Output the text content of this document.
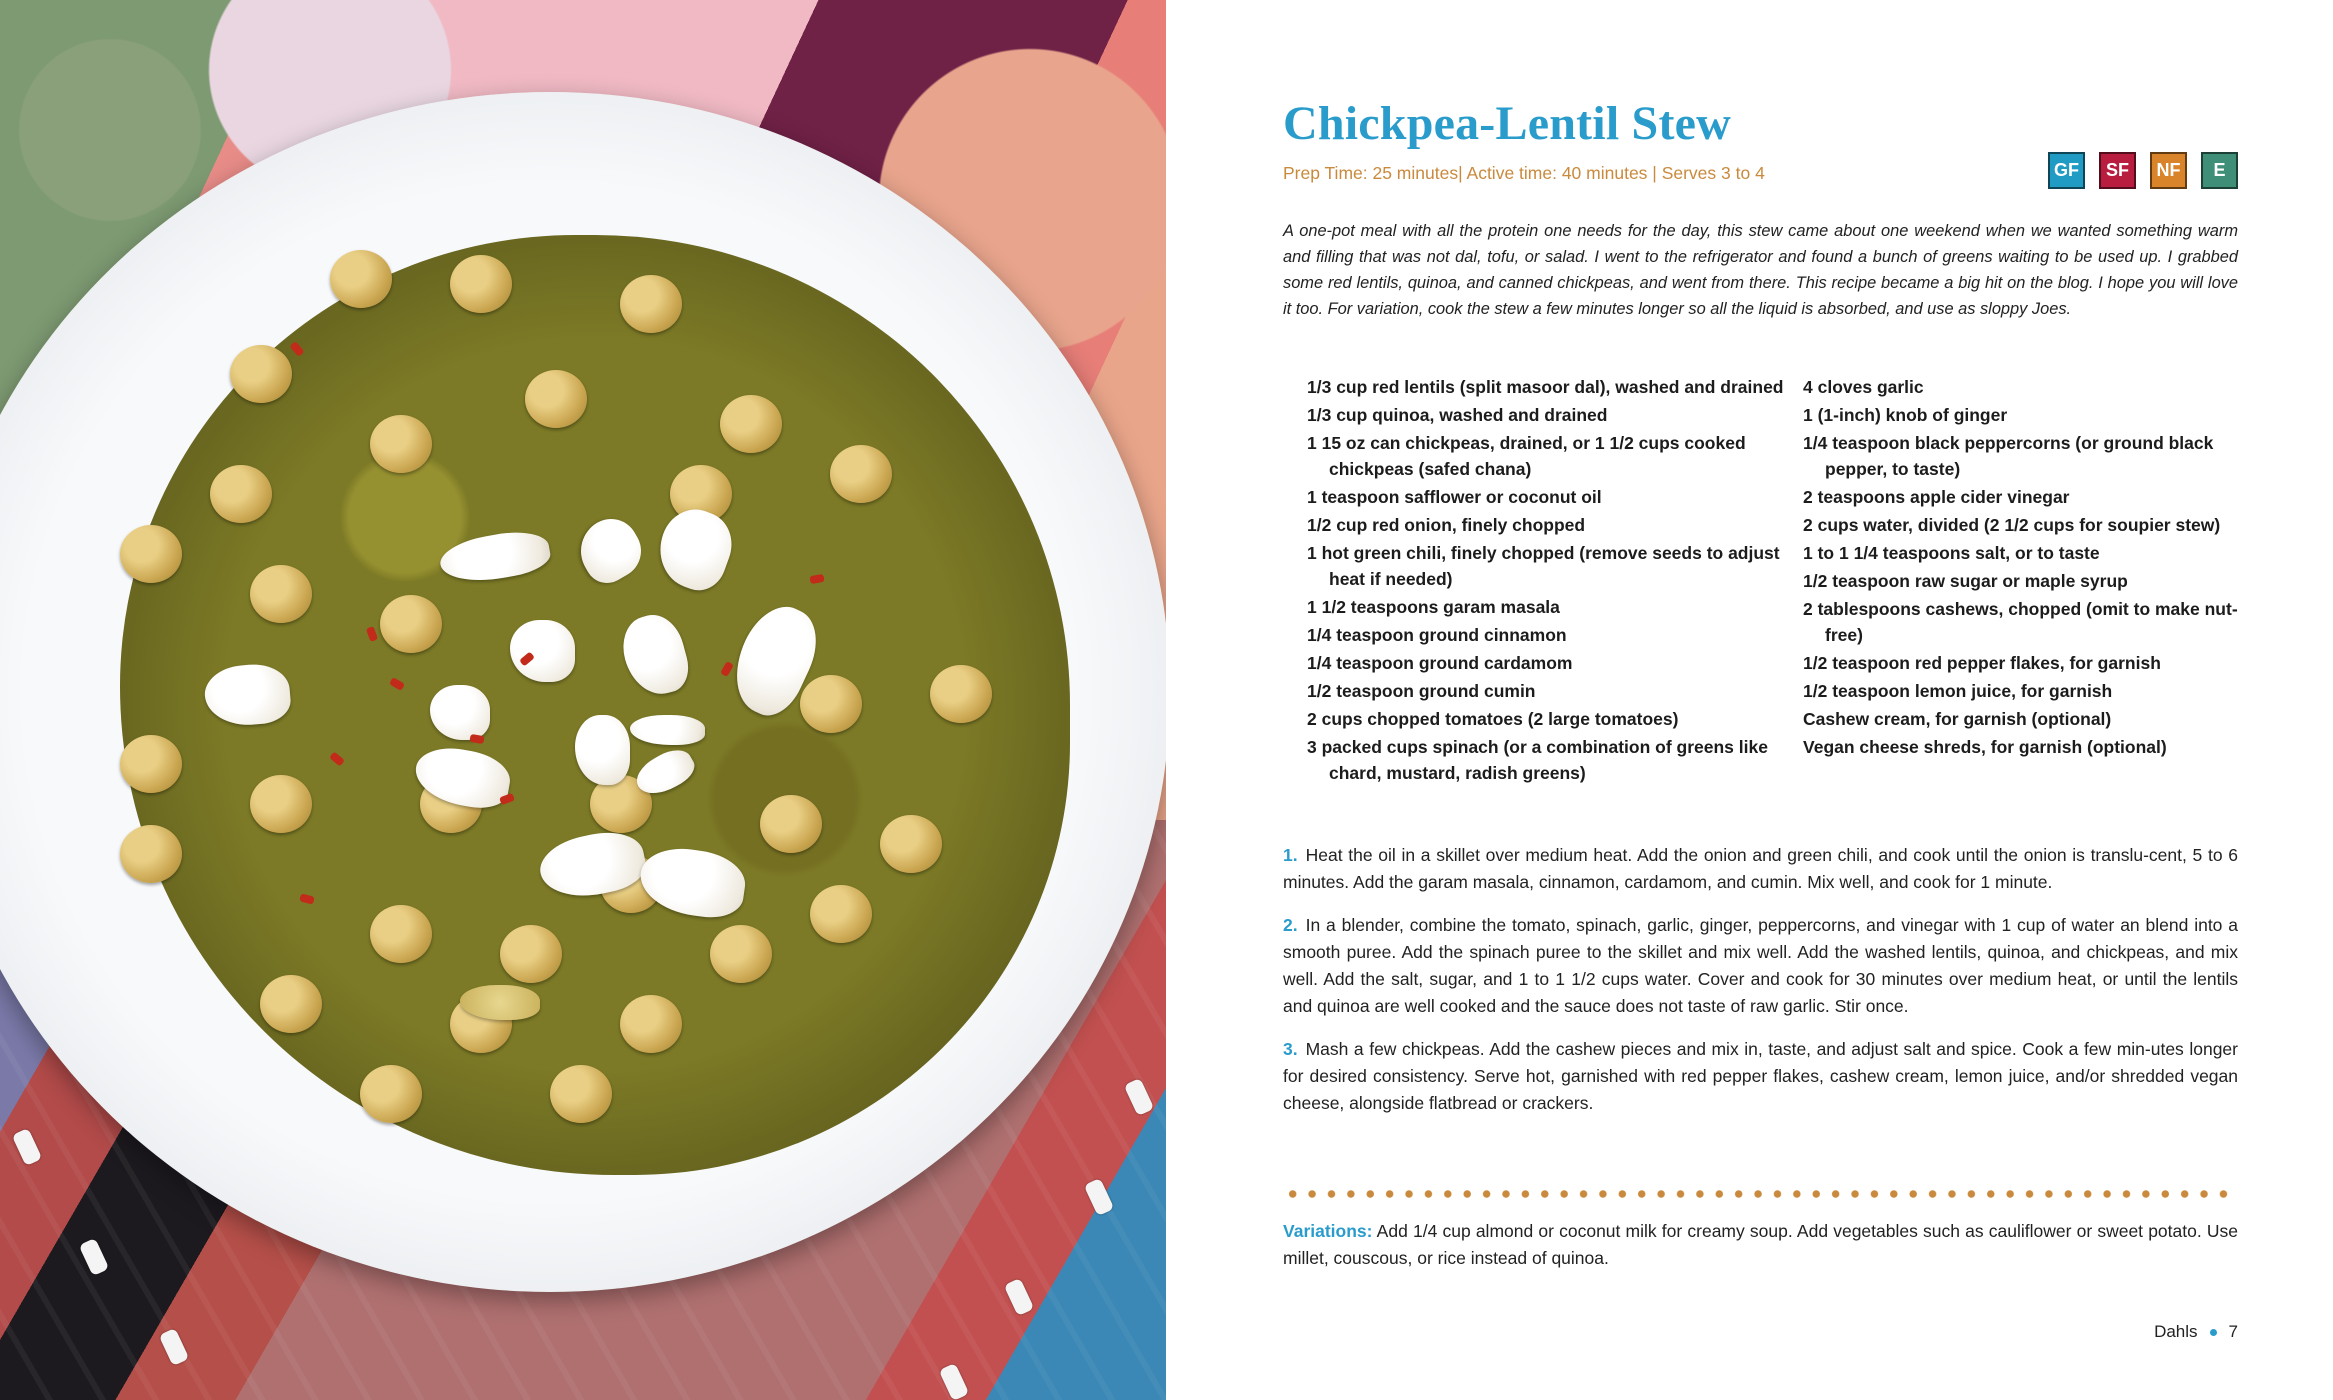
Chickpea-Lentil Stew
Prep Time: 25 minutes| Active time: 40 minutes | Serves 3 to 4	GF	SF	NF	E

A one-pot meal with all the protein one needs for the day, this stew came about one weekend when we wanted something warm and filling that was not dal, tofu, or salad. I went to the refrigerator and found a bunch of greens waiting to be used up. I grabbed some red lentils, quinoa, and canned chickpeas, and went from there. This recipe became a big hit on the blog. I hope you will love it too. For variation, cook the stew a few minutes longer so all the liquid is absorbed, and use as sloppy Joes.

1/3 cup red lentils (split masoor dal), washed and drained
1/3 cup quinoa, washed and drained
1 15 oz can chickpeas, drained, or 1 1/2 cups cooked chickpeas (safed chana)
1 teaspoon safflower or coconut oil
1/2 cup red onion, finely chopped
1 hot green chili, finely chopped (remove seeds to adjust heat if needed)
1 1/2 teaspoons garam masala
1/4 teaspoon ground cinnamon
1/4 teaspoon ground cardamom
1/2 teaspoon ground cumin
2 cups chopped tomatoes (2 large tomatoes)
3 packed cups spinach (or a combination of greens like chard, mustard, radish greens)
4 cloves garlic
1 (1-inch) knob of ginger
1/4 teaspoon black peppercorns (or ground black pepper, to taste)
2 teaspoons apple cider vinegar
2 cups water, divided (2 1/2 cups for soupier stew)
1 to 1 1/4 teaspoons salt, or to taste
1/2 teaspoon raw sugar or maple syrup
2 tablespoons cashews, chopped (omit to make nut-free)
1/2 teaspoon red pepper flakes, for garnish
1/2 teaspoon lemon juice, for garnish
Cashew cream, for garnish (optional)
Vegan cheese shreds, for garnish (optional)

1. Heat the oil in a skillet over medium heat. Add the onion and green chili, and cook until the onion is translu-cent, 5 to 6 minutes. Add the garam masala, cinnamon, cardamom, and cumin. Mix well, and cook for 1 minute.

2. In a blender, combine the tomato, spinach, garlic, ginger, peppercorns, and vinegar with 1 cup of water an blend into a smooth puree. Add the spinach puree to the skillet and mix well. Add the washed lentils, quinoa, and chickpeas, and mix well. Add the salt, sugar, and 1 to 1 1/2 cups water. Cover and cook for 30 minutes over medium heat, or until the lentils and quinoa are well cooked and the sauce does not taste of raw garlic. Stir once.

3. Mash a few chickpeas. Add the cashew pieces and mix in, taste, and adjust salt and spice. Cook a few min-utes longer for desired consistency. Serve hot, garnished with red pepper flakes, cashew cream, lemon juice, and/or shredded vegan cheese, alongside flatbread or crackers.

Variations: Add 1/4 cup almond or coconut milk for creamy soup. Add vegetables such as cauliflower or sweet potato. Use millet, couscous, or rice instead of quinoa.

Dahls 7
